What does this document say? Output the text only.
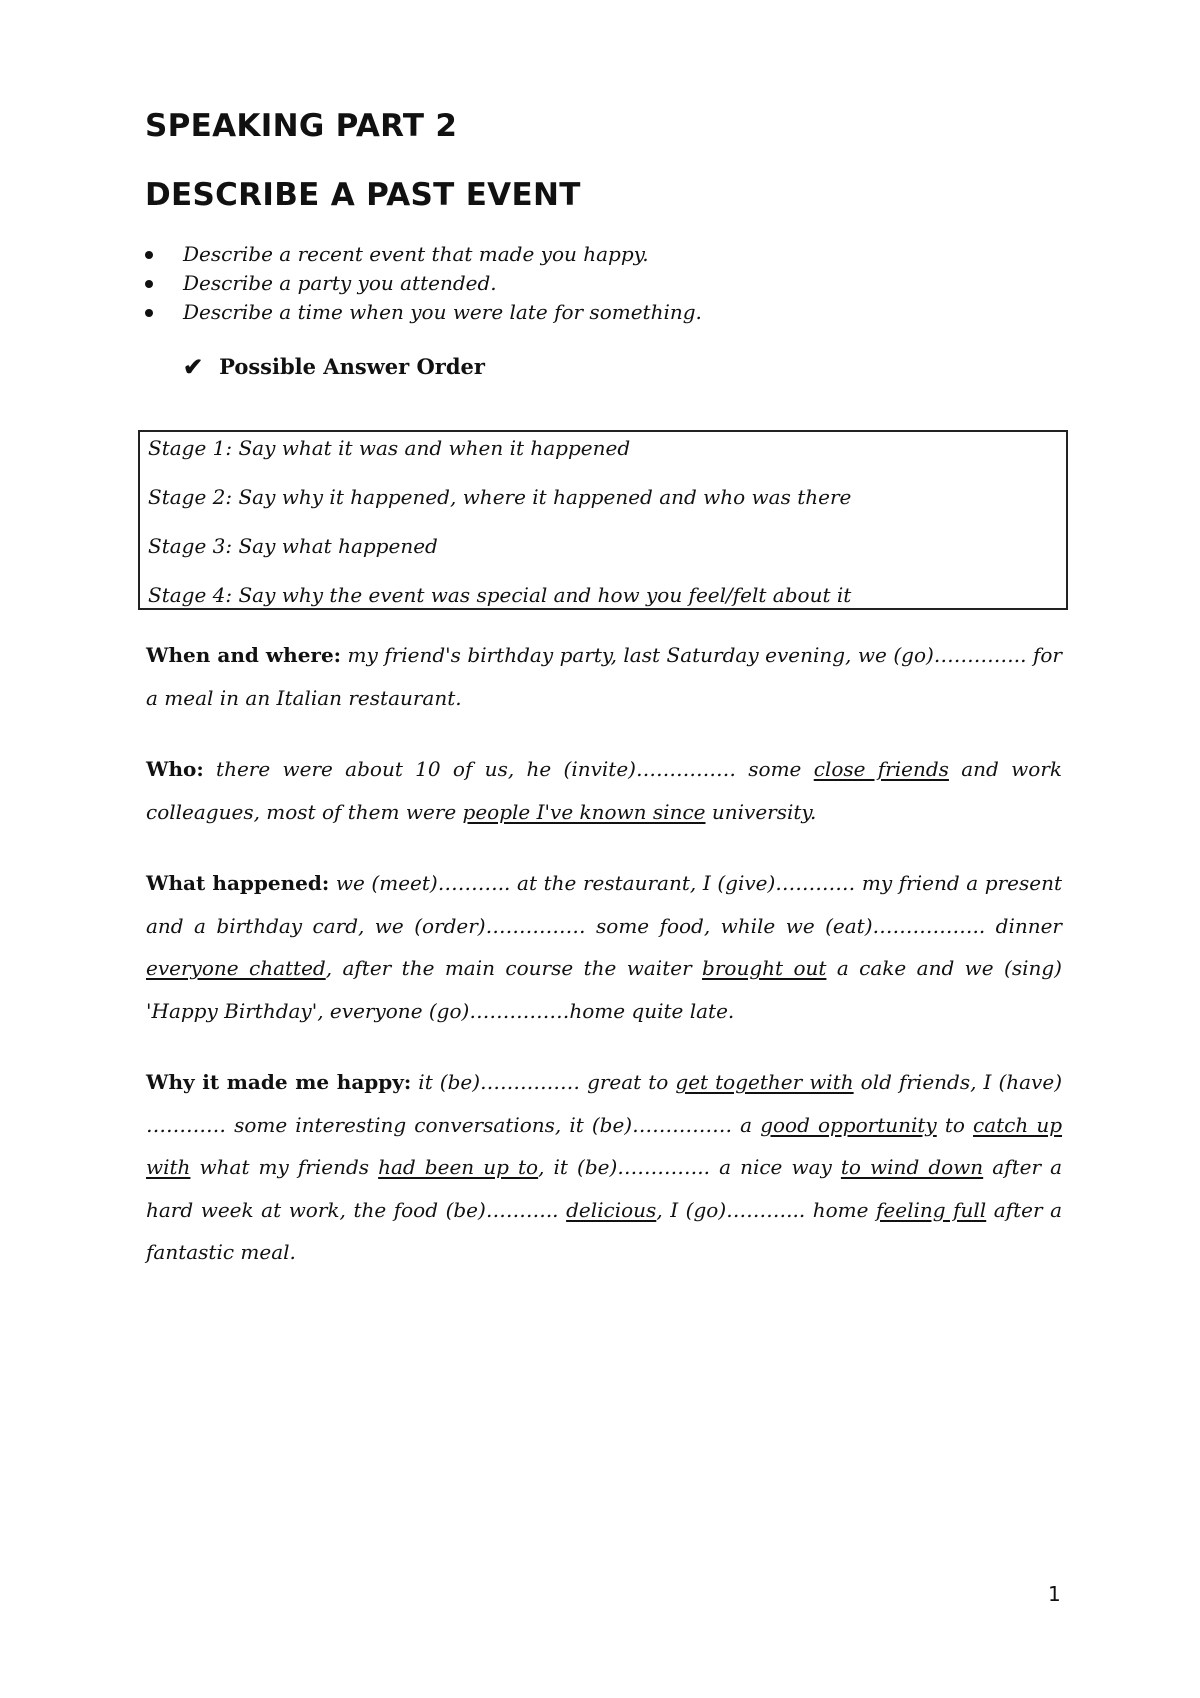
SPEAKING PART 2
DESCRIBE A PAST EVENT
Describe a recent event that made you happy.
Describe a party you attended.
Describe a time when you were late for something.
✔ Possible Answer Order
Stage 1: Say what it was and when it happened
Stage 2: Say why it happened, where it happened and who was there
Stage 3: Say what happened
Stage 4: Say why the event was special and how you feel/felt about it

When and where: my friend's birthday party, last Saturday evening, we (go)………….. for a meal in an Italian restaurant.

Who: there were about 10 of us, he (invite)…………… some close friends and work colleagues, most of them were people I've known since university.

What happened: we (meet)……….. at the restaurant, I (give)………… my friend a present and a birthday card, we (order)…………… some food, while we (eat)…………….. dinner everyone chatted, after the main course the waiter brought out a cake and we (sing) 'Happy Birthday', everyone (go)……………home quite late.

Why it made me happy: it (be)…………… great to get together with old friends, I (have) ………… some interesting conversations, it (be)…………… a good opportunity to catch up with what my friends had been up to, it (be)………….. a nice way to wind down after a hard week at work, the food (be)……….. delicious, I (go)………... home feeling full after a fantastic meal.

1
